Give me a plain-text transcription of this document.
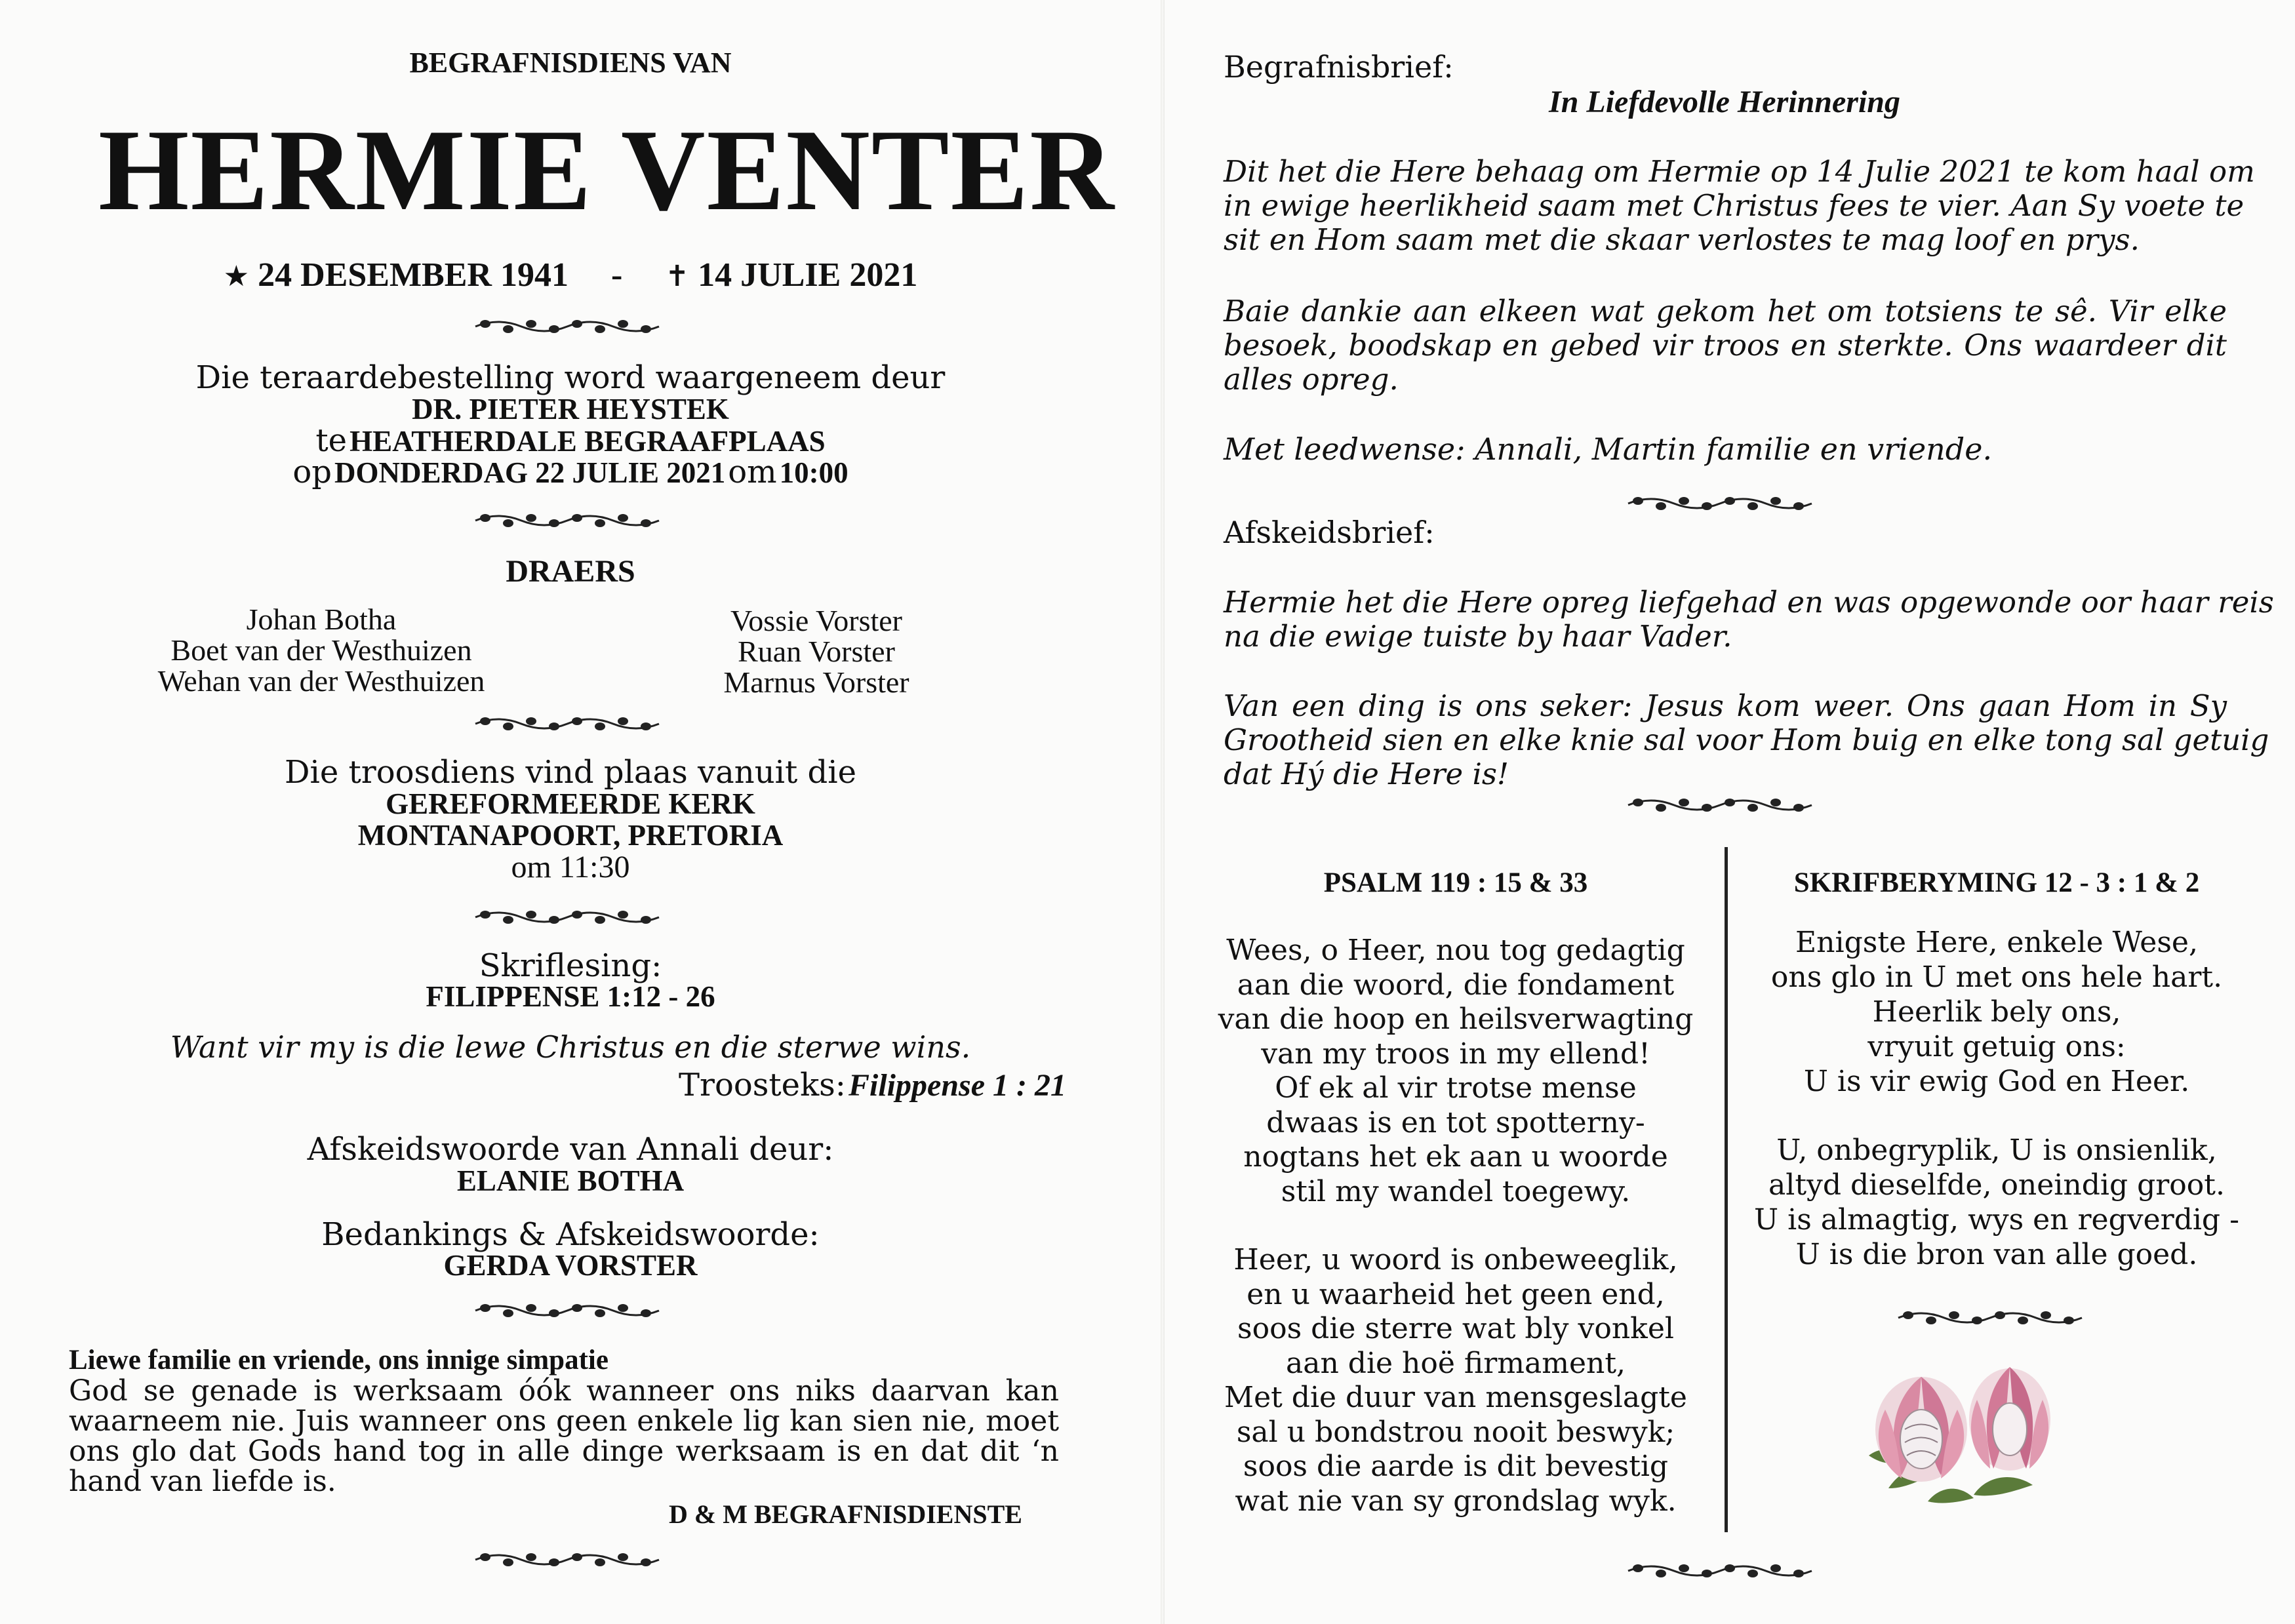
BEGRAFNISDIENS VAN
HERMIE VENTER
★ 24 DESEMBER 1941 - ✝ 14 JULIE 2021
Die teraardebestelling word waargeneem deur
DR. PIETER HEYSTEK
te HEATHERDALE BEGRAAFPLAAS
op DONDERDAG 22 JULIE 2021 om 10:00
DRAERS
Johan Botha
Boet van der Westhuizen
Wehan van der Westhuizen
Vossie Vorster
Ruan Vorster
Marnus Vorster
Die troosdiens vind plaas vanuit die
GEREFORMEERDE KERK
MONTANAPOORT, PRETORIA
om 11:30
Skriflesing:
FILIPPENSE 1:12 - 26
Want vir my is die lewe Christus en die sterwe wins.
Troosteks: Filippense 1 : 21
Afskeidswoorde van Annali deur:
ELANIE BOTHA
Bedankings & Afskeidswoorde:
GERDA VORSTER
Liewe familie en vriende, ons innige simpatie
God se genade is werksaam óók wanneer ons niks daarvan kan
waarneem nie. Juis wanneer ons geen enkele lig kan sien nie, moet
ons glo dat Gods hand tog in alle dinge werksaam is en dat dit ‘n
hand van liefde is.
D & M BEGRAFNISDIENSTE
Begrafnisbrief:
In Liefdevolle Herinnering
Dit het die Here behaag om Hermie op 14 Julie 2021 te kom haal om
in ewige heerlikheid saam met Christus fees te vier. Aan Sy voete te
sit en Hom saam met die skaar verlostes te mag loof en prys.
Baie dankie aan elkeen wat gekom het om totsiens te sê. Vir elke
besoek, boodskap en gebed vir troos en sterkte. Ons waardeer dit
alles opreg.
Met leedwense: Annali, Martin familie en vriende.
Afskeidsbrief:
Hermie het die Here opreg liefgehad en was opgewonde oor haar reis
na die ewige tuiste by haar Vader.
Van een ding is ons seker: Jesus kom weer. Ons gaan Hom in Sy
Grootheid sien en elke knie sal voor Hom buig en elke tong sal getuig
dat Hý die Here is!
PSALM 119 : 15 & 33
Wees, o Heer, nou tog gedagtig
aan die woord, die fondament
van die hoop en heilsverwagting
van my troos in my ellend!
Of ek al vir trotse mense
dwaas is en tot spotterny-
nogtans het ek aan u woorde
stil my wandel toegewy.
Heer, u woord is onbeweeglik,
en u waarheid het geen end,
soos die sterre wat bly vonkel
aan die hoë firmament,
Met die duur van mensgeslagte
sal u bondstrou nooit beswyk;
soos die aarde is dit bevestig
wat nie van sy grondslag wyk.
SKRIFBERYMING 12 - 3 : 1 & 2
Enigste Here, enkele Wese,
ons glo in U met ons hele hart.
Heerlik bely ons,
vryuit getuig ons:
U is vir ewig God en Heer.
U, onbegryplik, U is onsienlik,
altyd dieselfde, oneindig groot.
U is almagtig, wys en regverdig -
U is die bron van alle goed.
